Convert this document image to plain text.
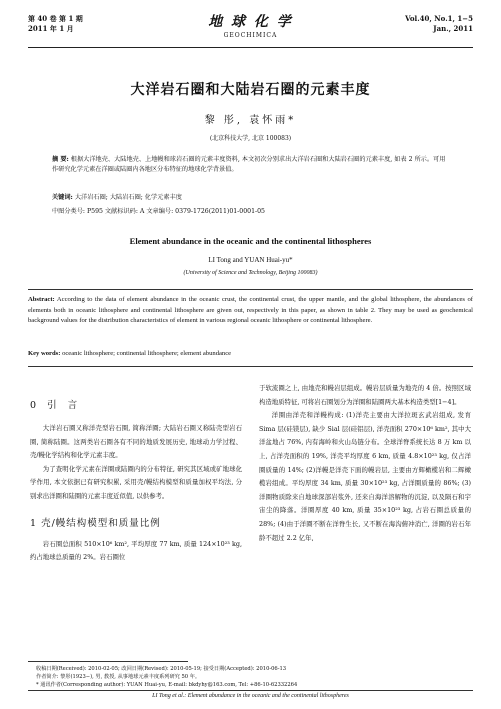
第 40 卷 第 1 期
2011 年 1 月	地 球 化 学
GEOCHIMICA
Vol.40, No.1, 1−5
Jan., 2011
大洋岩石圈和大陆岩石圈的元素丰度
黎 彤, 袁怀雨*
(北京科技大学, 北京 100083)
摘 要: 根据大洋地壳、大陆地壳、上地幔和球岩石圈的元素丰度资料, 本文初次分别求出大洋岩石圈和大陆岩石圈的元素丰度, 如表 2 所示。可用作研究化学元素在洋圈或陆圈内各地区分布特征的地球化学背景值。
关键词: 大洋岩石圈; 大陆岩石圈; 化学元素丰度
中图分类号: P595 文献标识码: A 文章编号: 0379-1726(2011)01-0001-05
Element abundance in the oceanic and the continental lithospheres
LI Tong and YUAN Huai-yu*
(University of Science and Technology, Beijing 100083)
Abstract: According to the data of element abundance in the oceanic crust, the continental crust, the upper mantle, and the global lithosphere, the abundances of elements both in oceanic lithosphere and continental lithosphere are given out, respectively in this paper, as shown in table 2. They may be used as geochemical background values for the distribution characteristics of element in various regional oceanic lithosphere or continental lithosphere.
Key words: oceanic lithosphere; continental lithosphere; element abundance
0 引 言

大洋岩石圈又称洋壳型岩石圈, 简称洋圈; 大陆岩石圈又称陆壳型岩石圈, 简称陆圈。这两类岩石圈各有不同的地质发展历史, 地球动力学过程、壳/幔化学结构和化学元素丰度。

为了查明化学元素在洋圈或陆圈内的分布特征, 研究其区域或矿地球化学作用, 本文依据已有研究积累, 采用壳/幔结构模型和质量加权平均法, 分别求出洋圈和陆圈的元素丰度近似值, 以供参考。

1 壳/幔结构模型和质量比例

岩石圈总面积 510×10⁶ km², 平均厚度 77 km, 质量 124×10²³ kg, 约占地球总质量的 2%。岩石圈位

于软流圈之上, 由地壳和幔岩层组成。幔岩层质量为地壳的 4 倍。按照区域构造地质特征, 可将岩石圈划分为洋圈和陆圈两大基本构造类型[1−4]。

洋圈由洋壳和洋幔构成: (1)洋壳主要由大洋拉斑玄武岩组成, 发育 Sima 层(硅镁层), 缺少 Sial 层(硅铝层), 洋壳面积 270×10⁶ km², 其中大洋盆地占 76%, 内有海岭和火山岛链分布。全球洋脊系统长达 8 万 km 以上, 占洋壳面积的 19%, 洋壳平均厚度 6 km, 质量 4.8×10²³ kg, 仅占洋圈质量的 14%; (2)洋幔是洋壳下面的幔岩层, 主要由方辉橄榄岩和二辉橄榄岩组成。平均厚度 34 km, 质量 30×10²³ kg, 占洋圈质量的 86%; (3)洋圈物质除来自地球深部岩浆外, 还来自海洋溶解物的沉淀, 以及陨石和宇宙尘的降落。洋圈厚度 40 km, 质量 35×10²³ kg, 占岩石圈总质量的 28%; (4)由于洋圈不断在洋脊生长, 又不断在海沟俯冲消亡, 洋圈的岩石年龄不超过 2.2 亿年,

收稿日期(Received): 2010-02-05; 改回日期(Revised): 2010-05-19; 接受日期(Accepted): 2010-06-13
作者简介: 黎彤(1923−), 男, 教授, 从事地球元素丰度系列研究 50 年。
* 通讯作者(Corresponding author): YUAN Huai-yu, E-mail: bkdyhy@163.com, Tel: +86-10-62332264
LI Tong et al.: Element abundance in the oceanic and the continental lithospheres
